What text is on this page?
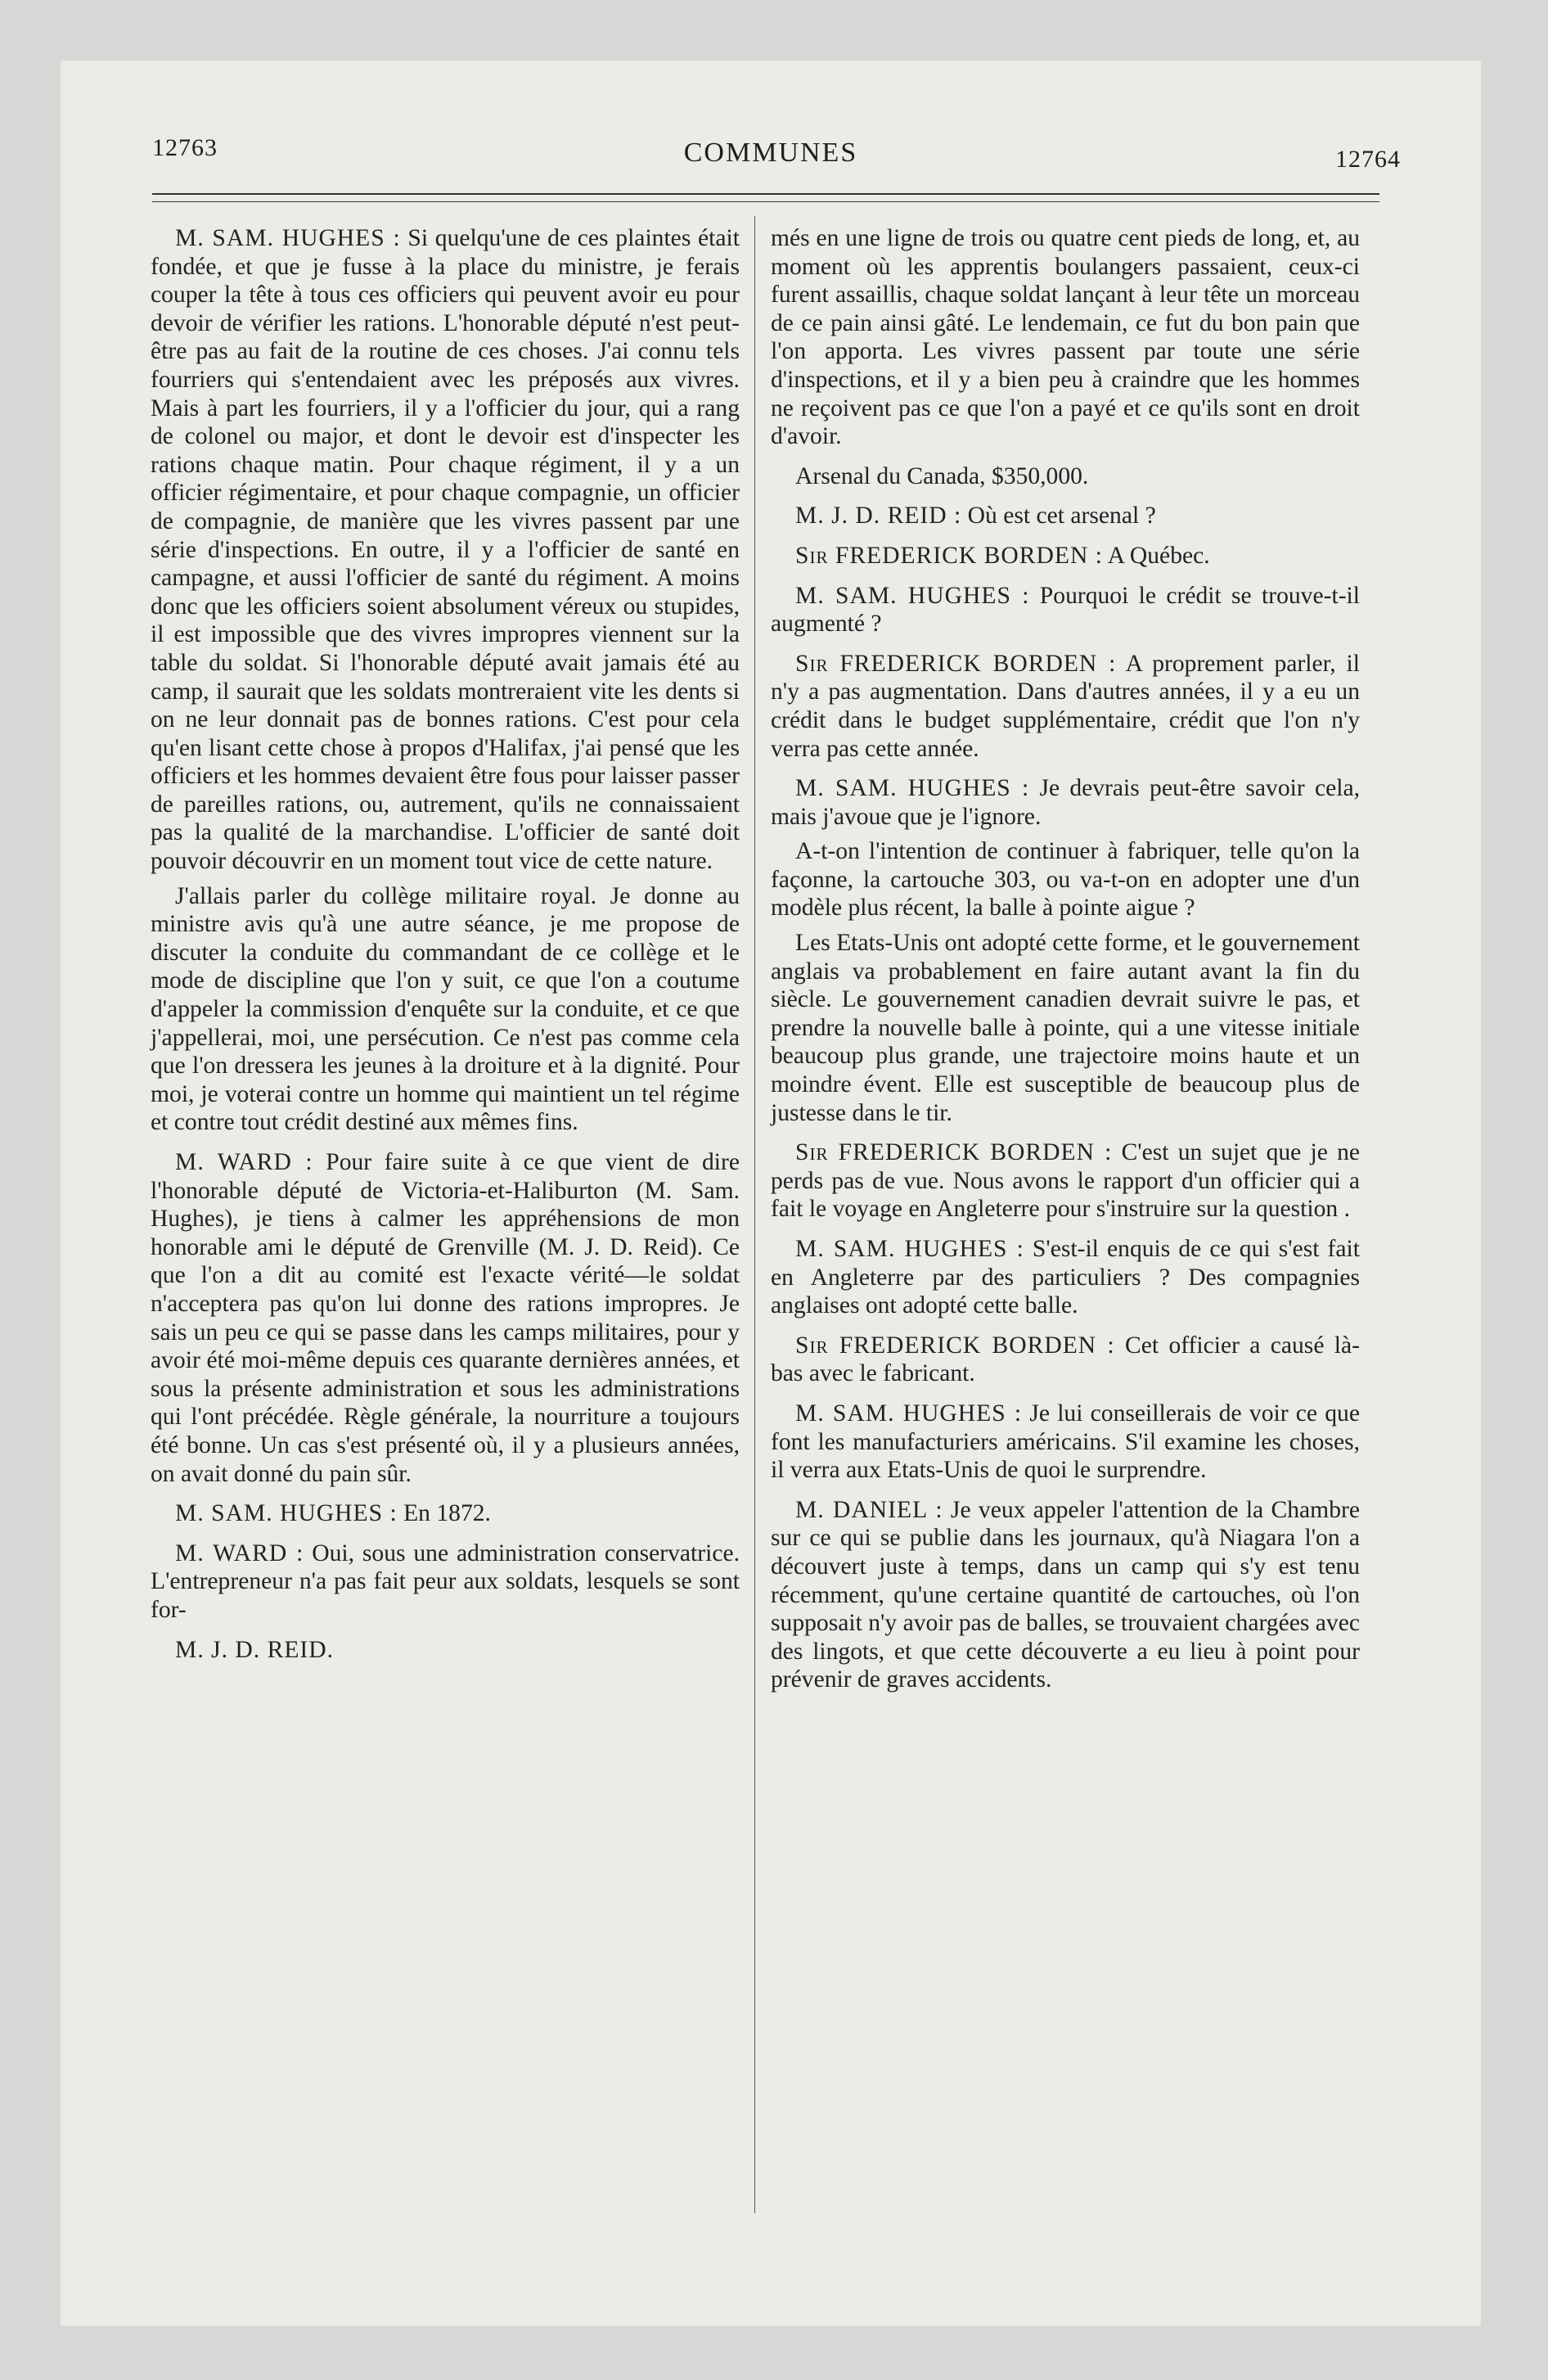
12763	COMMUNES	12764

M. SAM. HUGHES : Si quelqu'une de ces plaintes était fondée, et que je fusse à la place du ministre, je ferais couper la tête à tous ces officiers qui peuvent avoir eu pour devoir de vérifier les rations. L'honorable député n'est peut-être pas au fait de la routine de ces choses. J'ai connu tels fourriers qui s'entendaient avec les préposés aux vivres. Mais à part les fourriers, il y a l'officier du jour, qui a rang de colonel ou major, et dont le devoir est d'inspecter les rations chaque matin. Pour chaque régiment, il y a un officier régimentaire, et pour chaque compagnie, un officier de compagnie, de manière que les vivres passent par une série d'inspections. En outre, il y a l'officier de santé en campagne, et aussi l'officier de santé du régiment. A moins donc que les officiers soient absolument véreux ou stupides, il est impossible que des vivres impropres viennent sur la table du soldat. Si l'honorable député avait jamais été au camp, il saurait que les soldats montreraient vite les dents si on ne leur donnait pas de bonnes rations. C'est pour cela qu'en lisant cette chose à propos d'Halifax, j'ai pensé que les officiers et les hommes devaient être fous pour laisser passer de pareilles rations, ou, autrement, qu'ils ne connaissaient pas la qualité de la marchandise. L'officier de santé doit pouvoir découvrir en un moment tout vice de cette nature.

J'allais parler du collège militaire royal. Je donne au ministre avis qu'à une autre séance, je me propose de discuter la conduite du commandant de ce collège et le mode de discipline que l'on y suit, ce que l'on a coutume d'appeler la commission d'enquête sur la conduite, et ce que j'appellerai, moi, une persécution. Ce n'est pas comme cela que l'on dressera les jeunes à la droiture et à la dignité. Pour moi, je voterai contre un homme qui maintient un tel régime et contre tout crédit destiné aux mêmes fins.

M. WARD : Pour faire suite à ce que vient de dire l'honorable député de Victoria-et-Haliburton (M. Sam. Hughes), je tiens à calmer les appréhensions de mon honorable ami le député de Grenville (M. J. D. Reid). Ce que l'on a dit au comité est l'exacte vérité—le soldat n'acceptera pas qu'on lui donne des rations impropres. Je sais un peu ce qui se passe dans les camps militaires, pour y avoir été moi-même depuis ces quarante dernières années, et sous la présente administration et sous les administrations qui l'ont précédée. Règle générale, la nourriture a toujours été bonne. Un cas s'est présenté où, il y a plusieurs années, on avait donné du pain sûr.

M. SAM. HUGHES : En 1872.

M. WARD : Oui, sous une administration conservatrice. L'entrepreneur n'a pas fait peur aux soldats, lesquels se sont for-

M. J. D. REID.

més en une ligne de trois ou quatre cent pieds de long, et, au moment où les apprentis boulangers passaient, ceux-ci furent assaillis, chaque soldat lançant à leur tête un morceau de ce pain ainsi gâté. Le lendemain, ce fut du bon pain que l'on apporta. Les vivres passent par toute une série d'inspections, et il y a bien peu à craindre que les hommes ne reçoivent pas ce que l'on a payé et ce qu'ils sont en droit d'avoir.

Arsenal du Canada, $350,000.

M. J. D. REID : Où est cet arsenal ?

Sir FREDERICK BORDEN : A Québec.

M. SAM. HUGHES : Pourquoi le crédit se trouve-t-il augmenté ?

Sir FREDERICK BORDEN : A proprement parler, il n'y a pas augmentation. Dans d'autres années, il y a eu un crédit dans le budget supplémentaire, crédit que l'on n'y verra pas cette année.

M. SAM. HUGHES : Je devrais peut-être savoir cela, mais j'avoue que je l'ignore.

A-t-on l'intention de continuer à fabriquer, telle qu'on la façonne, la cartouche 303, ou va-t-on en adopter une d'un modèle plus récent, la balle à pointe aigue ?

Les Etats-Unis ont adopté cette forme, et le gouvernement anglais va probablement en faire autant avant la fin du siècle. Le gouvernement canadien devrait suivre le pas, et prendre la nouvelle balle à pointe, qui a une vitesse initiale beaucoup plus grande, une trajectoire moins haute et un moindre évent. Elle est susceptible de beaucoup plus de justesse dans le tir.

Sir FREDERICK BORDEN : C'est un sujet que je ne perds pas de vue. Nous avons le rapport d'un officier qui a fait le voyage en Angleterre pour s'instruire sur la question .

M. SAM. HUGHES : S'est-il enquis de ce qui s'est fait en Angleterre par des particuliers ? Des compagnies anglaises ont adopté cette balle.

Sir FREDERICK BORDEN : Cet officier a causé là-bas avec le fabricant.

M. SAM. HUGHES : Je lui conseillerais de voir ce que font les manufacturiers américains. S'il examine les choses, il verra aux Etats-Unis de quoi le surprendre.

M. DANIEL : Je veux appeler l'attention de la Chambre sur ce qui se publie dans les journaux, qu'à Niagara l'on a découvert juste à temps, dans un camp qui s'y est tenu récemment, qu'une certaine quantité de cartouches, où l'on supposait n'y avoir pas de balles, se trouvaient chargées avec des lingots, et que cette découverte a eu lieu à point pour prévenir de graves accidents.
